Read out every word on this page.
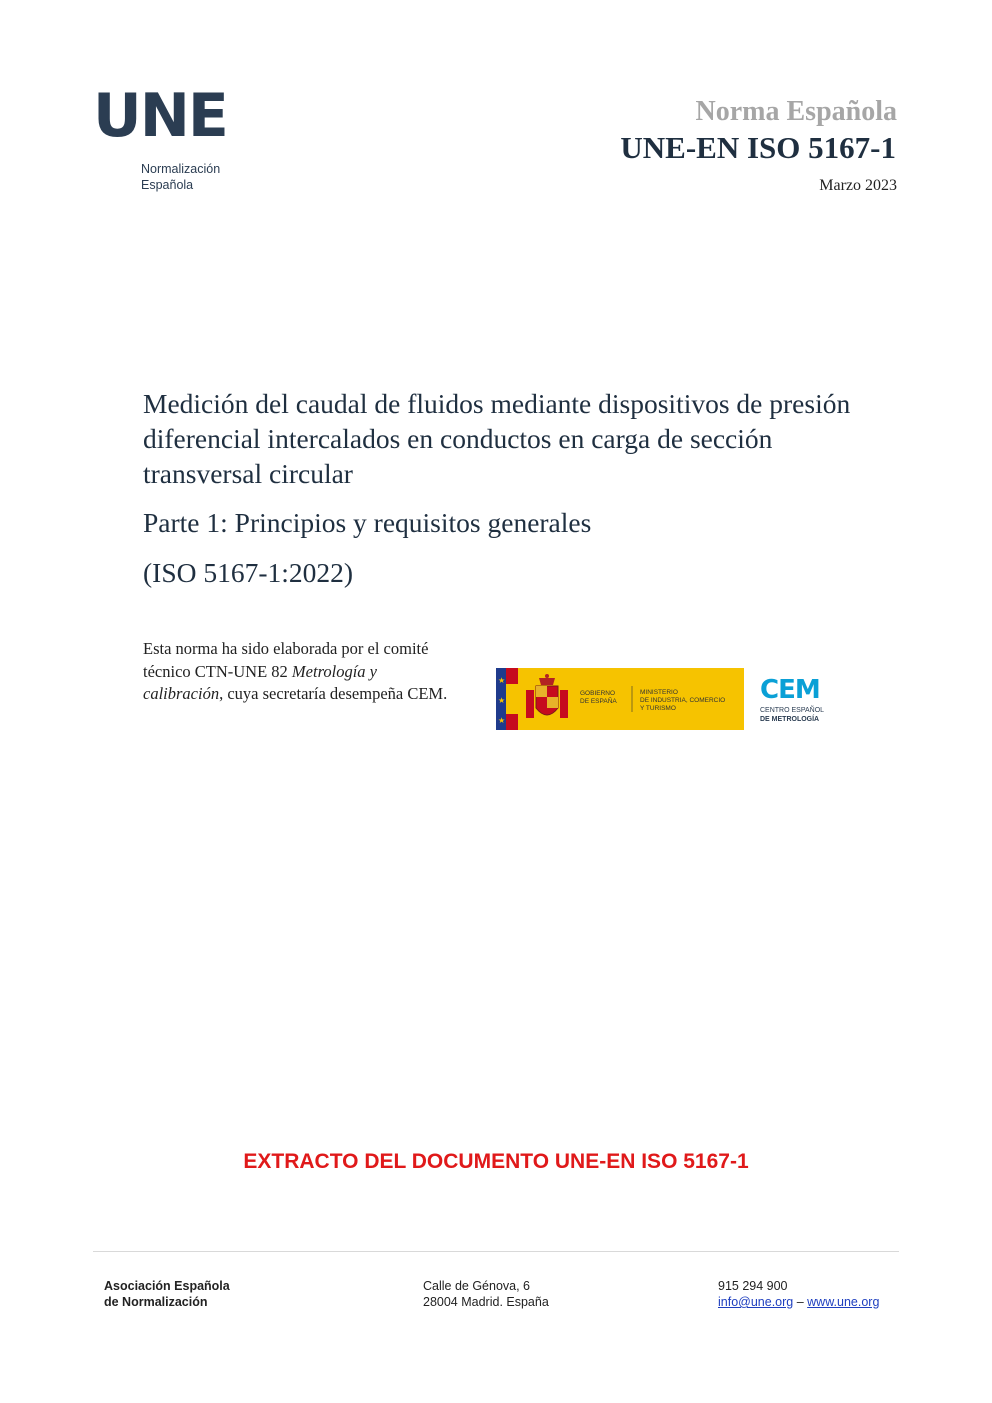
UNE
Normalización
Española
Norma Española
UNE-EN ISO 5167-1
Marzo 2023
Medición del caudal de fluidos mediante dispositivos de presión diferencial intercalados en conductos en carga de sección transversal circular
Parte 1: Principios y requisitos generales
(ISO 5167-1:2022)
Esta norma ha sido elaborada por el comité técnico CTN-UNE 82 Metrología y calibración, cuya secretaría desempeña CEM.
★
★
★
GOBIERNO
DE ESPAÑA
MINISTERIO
DE INDUSTRIA, COMERCIO
Y TURISMO
CEM
CENTRO ESPAÑOL
DE METROLOGÍA
EXTRACTO DEL DOCUMENTO UNE-EN ISO 5167-1
Asociación Española
de Normalización
Calle de Génova, 6
28004 Madrid. España
915 294 900
info@une.org – www.une.org
